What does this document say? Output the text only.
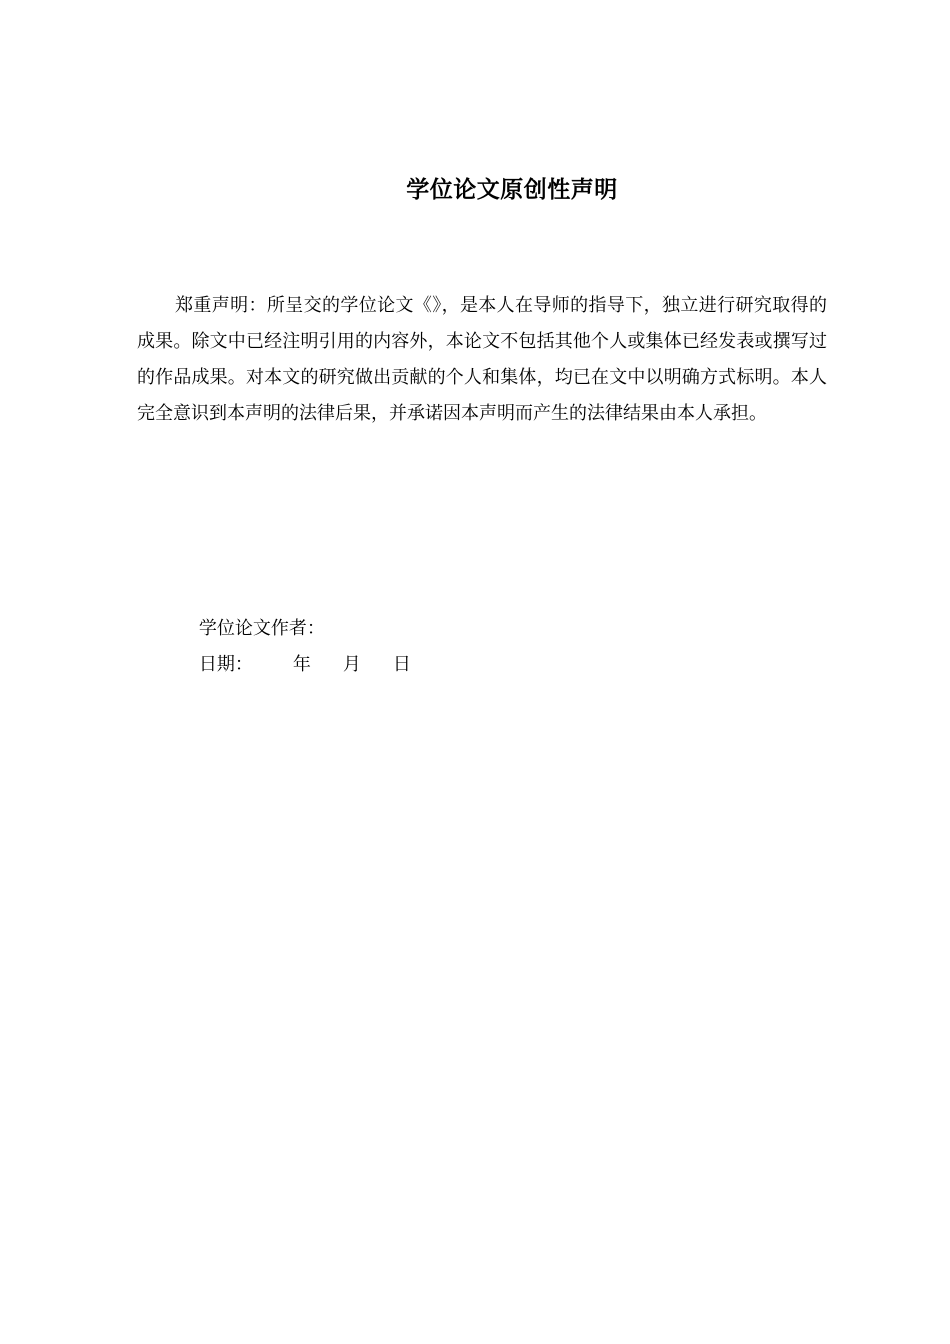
学位论文原创性声明

郑重声明：所呈交的学位论文《》，是本人在导师的指导下，独立进行研究取得的成果。除文中已经注明引用的内容外，本论文不包括其他个人或集体已经发表或撰写过的作品成果。对本文的研究做出贡献的个人和集体，均已在文中以明确方式标明。本人完全意识到本声明的法律后果，并承诺因本声明而产生的法律结果由本人承担。

学位论文作者：

日期： 年 月 日
